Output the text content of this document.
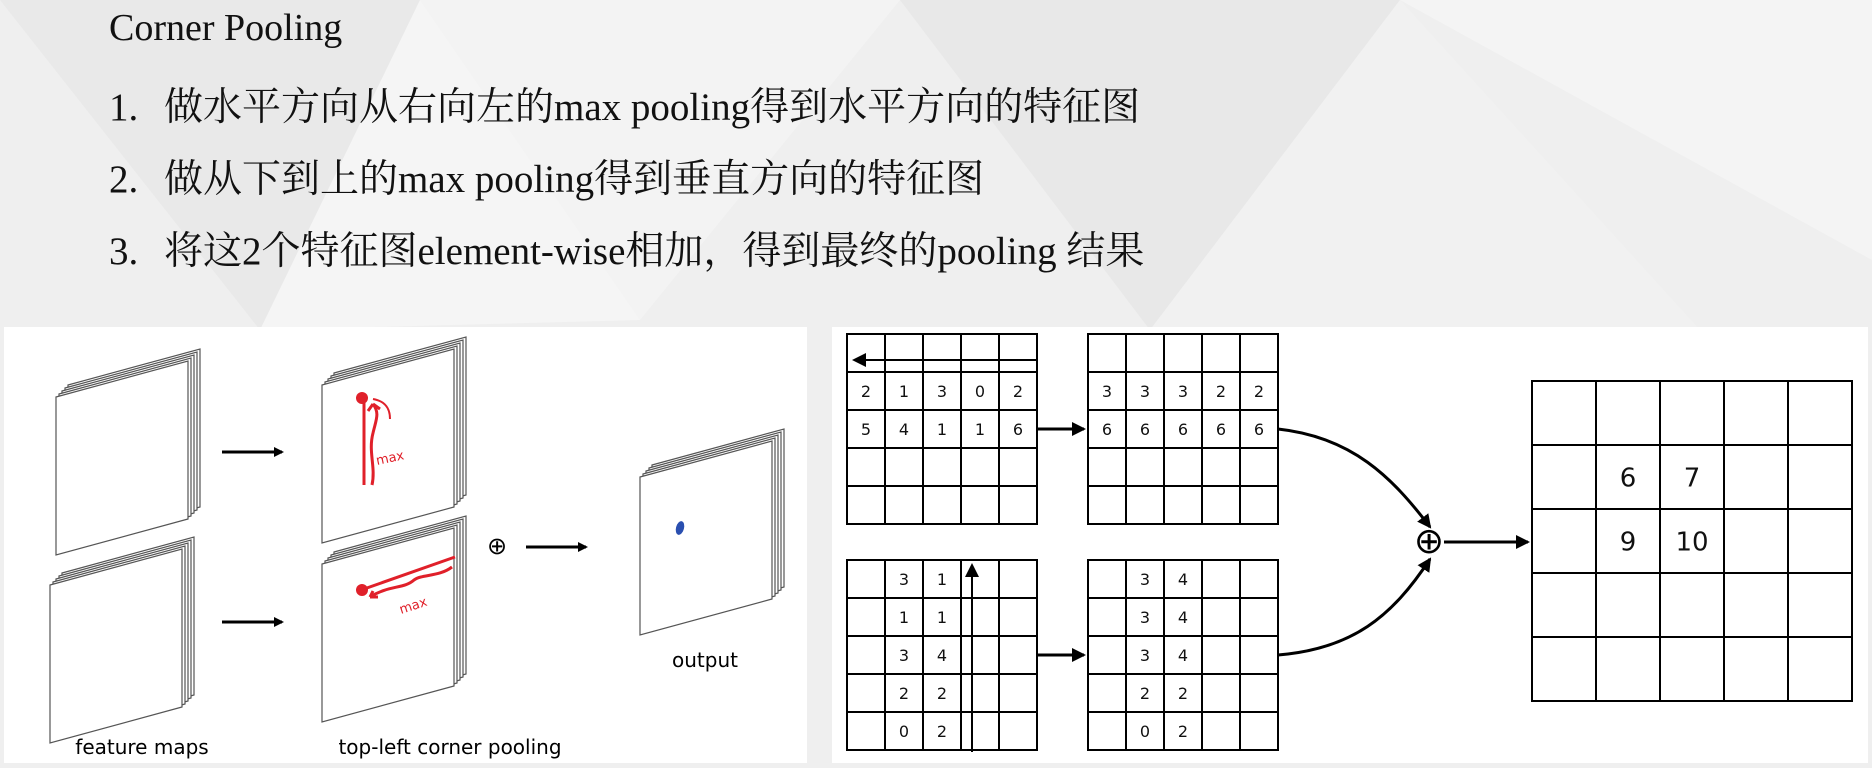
Corner Pooling
1. 做水平方向从右向左的max pooling得到水平方向的特征图
2. 做从下到上的max pooling得到垂直方向的特征图
3. 将这2个特征图element-wise相加，得到最终的pooling 结果
⊕
max
max
feature maps	top-left corner pooling
output
2 1 3 0 2
5 4 1 1 6
3 3 3 2 2
6 6 6 6 6
3 1
1 1
3 4
2 2
0 2
3 4
3 4
3 4
2 2
0 2
6 7
9 10
⊕
